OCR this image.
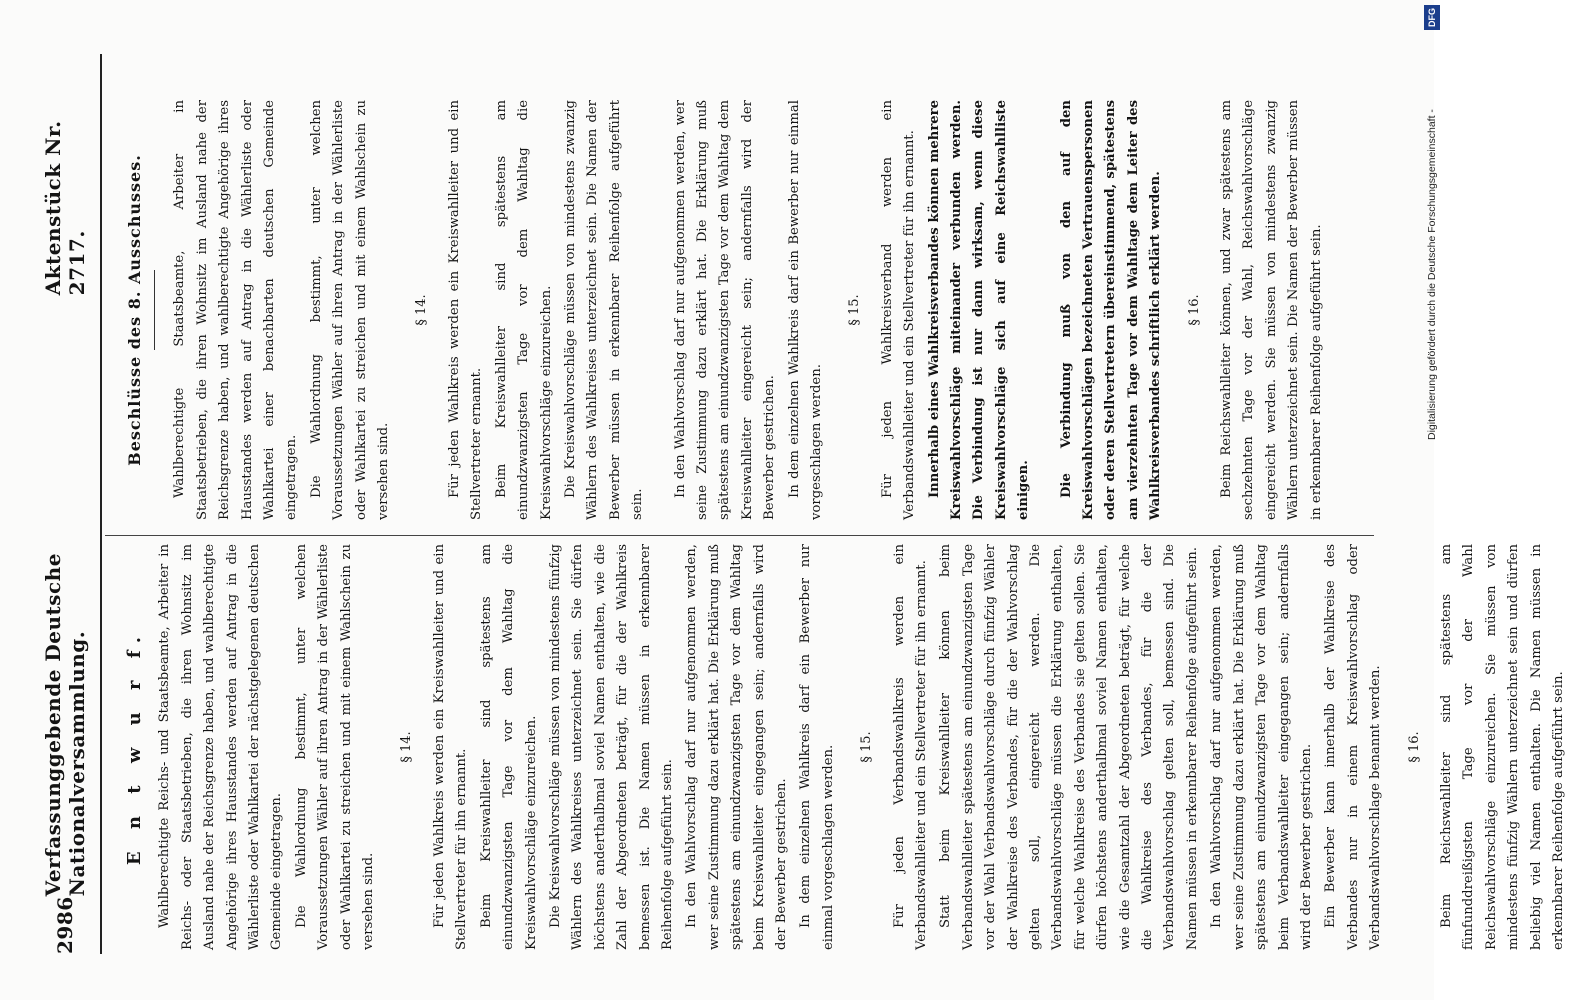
2986
Verfassunggebende Deutsche Nationalversammlung.
Aktenstück Nr. 2717.
E n t w u r f. Wahlberechtigte Reichs- und Staatsbeamte, Arbeiter in Reichs- oder Staatsbetrieben, die ihren Wohnsitz im Ausland nahe der Reichsgrenze haben, und wahlberechtigte Angehörige ihres Hausstandes werden auf Antrag in die Wählerliste oder Wahlkartei der nächstgelegenen deutschen Gemeinde eingetragen. Die Wahlordnung bestimmt, unter welchen Voraussetzungen Wähler auf ihren Antrag in der Wählerliste oder Wahlkartei zu streichen und mit einem Wahlschein zu versehen sind.

§ 14.	Für jeden Wahlkreis werden ein Kreiswahlleiter und ein Stellvertreter für ihn ernannt. Beim Kreiswahlleiter sind spätestens am einundzwanzigsten Tage vor dem Wahltag die Kreiswahlvorschläge einzureichen. Die Kreiswahlvorschläge müssen von mindestens fünfzig Wählern des Wahlkreises unterzeichnet sein. Sie dürfen höchstens anderthalbmal soviel Namen enthalten, wie die Zahl der Abgeordneten beträgt, für die der Wahlkreis bemessen ist. Die Namen müssen in erkennbarer Reihenfolge aufgeführt sein. In den Wahlvorschlag darf nur aufgenommen werden, wer seine Zustimmung dazu erklärt hat. Die Erklärung muß spätestens am einundzwanzigsten Tage vor dem Wahltag beim Kreiswahlleiter eingegangen sein; andernfalls wird der Bewerber gestrichen. In dem einzelnen Wahlkreis darf ein Bewerber nur einmal vorgeschlagen werden.	§ 15.	Für jeden Verbandswahlkreis werden ein Verbandswahlleiter und ein Stellvertreter für ihn ernannt. Statt beim Kreiswahlleiter können beim Verbandswahlleiter spätestens am einundzwanzigsten Tage vor der Wahl Verbandswahlvorschläge durch fünfzig Wähler der Wahlkreise des Verbandes, für die der Wahlvorschlag gelten soll, eingereicht werden. Die Verbandswahlvorschläge müssen die Erklärung enthalten, für welche Wahlkreise des Verbandes sie gelten sollen. Sie dürfen höchstens anderthalbmal soviel Namen enthalten, wie die Gesamtzahl der Abgeordneten beträgt, für welche die Wahlkreise des Verbandes, für die der Verbandswahlvorschlag gelten soll, bemessen sind. Die Namen müssen in erkennbarer Reihenfolge aufgeführt sein. In den Wahlvorschlag darf nur aufgenommen werden, wer seine Zustimmung dazu erklärt hat. Die Erklärung muß spätestens am einundzwanzigsten Tage vor dem Wahltag beim Verbandswahlleiter eingegangen sein; andernfalls wird der Bewerber gestrichen. Ein Bewerber kann innerhalb der Wahlkreise des Verbandes nur in einem Kreiswahlvorschlag oder Verbandswahlvorschlage benannt werden.	§ 16.	Beim Reichswahlleiter sind spätestens am fünfunddreißigsten Tage vor der Wahl Reichswahlvorschläge einzureichen. Sie müssen von mindestens fünfzig Wählern unterzeichnet sein und dürfen beliebig viel Namen enthalten. Die Namen müssen in erkennbarer Reihenfolge aufgeführt sein.

Beschlüsse des 8. Ausschusses. Wahlberechtigte Staatsbeamte, Arbeiter in Staatsbetrieben, die ihren Wohnsitz im Ausland nahe der Reichsgrenze haben, und wahlberechtigte Angehörige ihres Hausstandes werden auf Antrag in die Wählerliste oder Wahlkartei einer benachbarten deutschen Gemeinde eingetragen. Die Wahlordnung bestimmt, unter welchen Voraussetzungen Wähler auf ihren Antrag in der Wählerliste oder Wahlkartei zu streichen und mit einem Wahlschein zu versehen sind.

§ 14.	Für jeden Wahlkreis werden ein Kreiswahlleiter und ein Stellvertreter ernannt. Beim Kreiswahlleiter sind spätestens am einundzwanzigsten Tage vor dem Wahltag die Kreiswahlvorschläge einzureichen. Die Kreiswahlvorschläge müssen von mindestens zwanzig Wählern des Wahlkreises unterzeichnet sein. Die Namen der Bewerber müssen in erkennbarer Reihenfolge aufgeführt sein.

In den Wahlvorschlag darf nur aufgenommen werden, wer seine Zustimmung dazu erklärt hat. Die Erklärung muß spätestens am einundzwanzigsten Tage vor dem Wahltag dem Kreiswahlleiter eingereicht sein; andernfalls wird der Bewerber gestrichen. In dem einzelnen Wahlkreis darf ein Bewerber nur einmal vorgeschlagen werden.

§ 15.	Für jeden Wahlkreisverband werden ein Verbandswahlleiter und ein Stellvertreter für ihn ernannt. Innerhalb eines Wahlkreisverbandes können mehrere Kreiswahlvorschläge miteinander verbunden werden. Die Verbindung ist nur dann wirksam, wenn diese Kreiswahlvorschläge sich auf eine Reichswahlliste einigen.	Die Verbindung muß von den auf den Kreiswahlvorschlägen bezeichneten Vertrauenspersonen oder deren Stellvertretern übereinstimmend, spätestens am vierzehnten Tage vor dem Wahltage dem Leiter des Wahlkreisverbandes schriftlich erklärt werden.	§ 16.	Beim Reichswahlleiter können, und zwar spätestens am sechzehnten Tage vor der Wahl, Reichswahlvorschläge eingereicht werden. Sie müssen von mindestens zwanzig Wählern unterzeichnet sein. Die Namen der Bewerber müssen in erkennbarer Reihenfolge aufgeführt sein.	Digitalisierung gefördert durch die Deutsche Forschungsgemeinschaft -
DFG
